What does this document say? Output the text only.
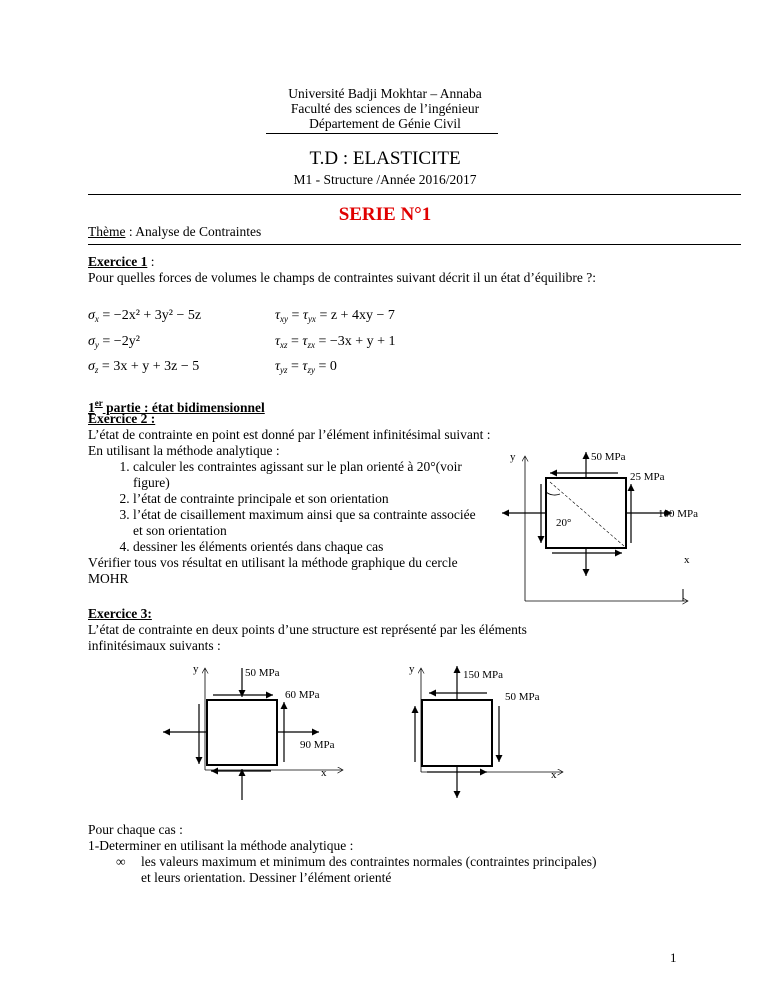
Université Badji Mokhtar – Annaba
Faculté des sciences de l’ingénieur
Département de Génie Civil
T.D : ELASTICITE
M1 - Structure /Année 2016/2017
SERIE N°1
Thème : Analyse de Contraintes
Exercice 1 :
Pour quelles forces de volumes le champs de contraintes suivant décrit il un état d’équilibre ?:
$\sigma_x = -2x^2 + 3y^2 - 5z$
$\sigma_y = -2y^2$
$\sigma_z = 3x + y + 3z - 5$
$\tau_{xy} = \tau_{yx} = z + 4xy - 7$
$\tau_{xz} = \tau_{zx} = -3x + y + 1$
$\tau_{yz} = \tau_{zy} = 0$
1er partie : état bidimensionnel
Exercice 2 :
L’état de contrainte en point est donné par l’élément infinitésimal suivant :
En utilisant la méthode analytique :
1. calculer les contraintes agissant sur le plan orienté à 20°(voir figure)
2. l’état de contrainte principale et son orientation
3. l’état de cisaillement maximum ainsi que sa contrainte associée et son orientation
4. dessiner les éléments orientés dans chaque cas
Vérifier tous vos résultat en utilisant la méthode graphique du cercle MOHR
y
x
20°
50 MPa
25 MPa
100 MPa
Exercice 3:
L’état de contrainte en deux points d’une structure est représenté par les éléments
infinitésimaux suivants :
y
x
50 MPa
60 MPa
90 MPa
y
x
150 MPa
50 MPa
Pour chaque cas :
1-Determiner en utilisant la méthode analytique :
∞ les valeurs maximum et minimum des contraintes normales (contraintes principales)
et leurs orientation. Dessiner l’élément orienté
1
